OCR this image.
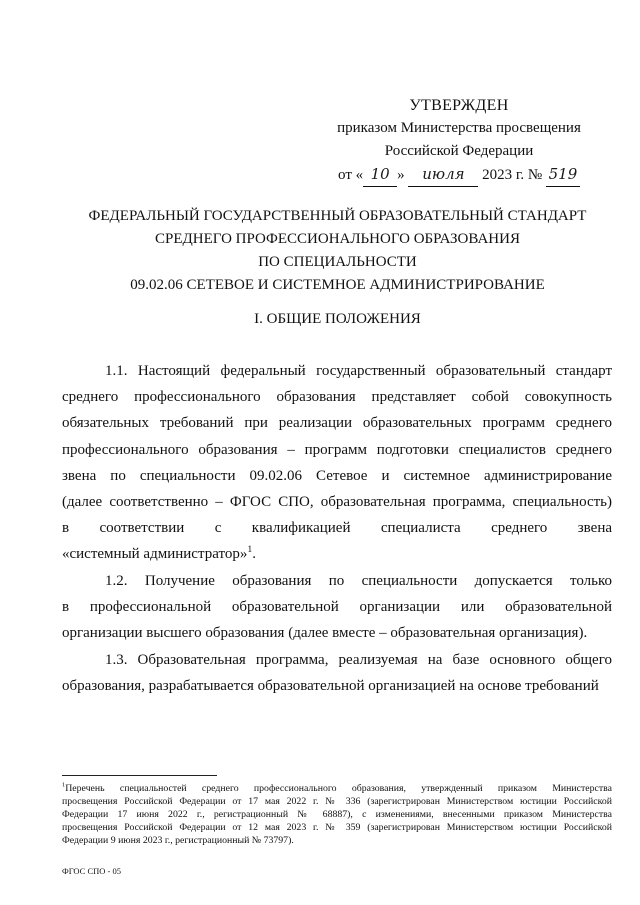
УТВЕРЖДЕН
приказом Министерства просвещения
Российской Федерации
от « 10 » июля 2023 г. № 519
ФЕДЕРАЛЬНЫЙ ГОСУДАРСТВЕННЫЙ ОБРАЗОВАТЕЛЬНЫЙ СТАНДАРТ
СРЕДНЕГО ПРОФЕССИОНАЛЬНОГО ОБРАЗОВАНИЯ
ПО СПЕЦИАЛЬНОСТИ
09.02.06 СЕТЕВОЕ И СИСТЕМНОЕ АДМИНИСТРИРОВАНИЕ
I. ОБЩИЕ ПОЛОЖЕНИЯ
1.1. Настоящий федеральный государственный образовательный стандарт
среднего профессионального образования представляет собой совокупность
обязательных требований при реализации образовательных программ среднего
профессионального образования – программ подготовки специалистов среднего
звена по специальности 09.02.06 Сетевое и системное администрирование
(далее соответственно – ФГОС СПО, образовательная программа, специальность)
в соответствии с квалификацией специалиста среднего звена
«системный администратор»$^1$.
1.2. Получение образования по специальности допускается только
в профессиональной образовательной организации или образовательной
организации высшего образования (далее вместе – образовательная организация).
1.3. Образовательная программа, реализуемая на базе основного общего
образования, разрабатывается образовательной организацией на основе требований
$^1$Перечень специальностей среднего профессионального образования, утвержденный приказом Министерства
просвещения Российской Федерации от 17 мая 2022 г. № 336 (зарегистрирован Министерством юстиции Российской
Федерации 17 июня 2022 г., регистрационный № 68887), с изменениями, внесенными приказом Министерства
просвещения Российской Федерации от 12 мая 2023 г. № 359 (зарегистрирован Министерством юстиции Российской
Федерации 9 июня 2023 г., регистрационный № 73797).
ФГОС СПО - 05
